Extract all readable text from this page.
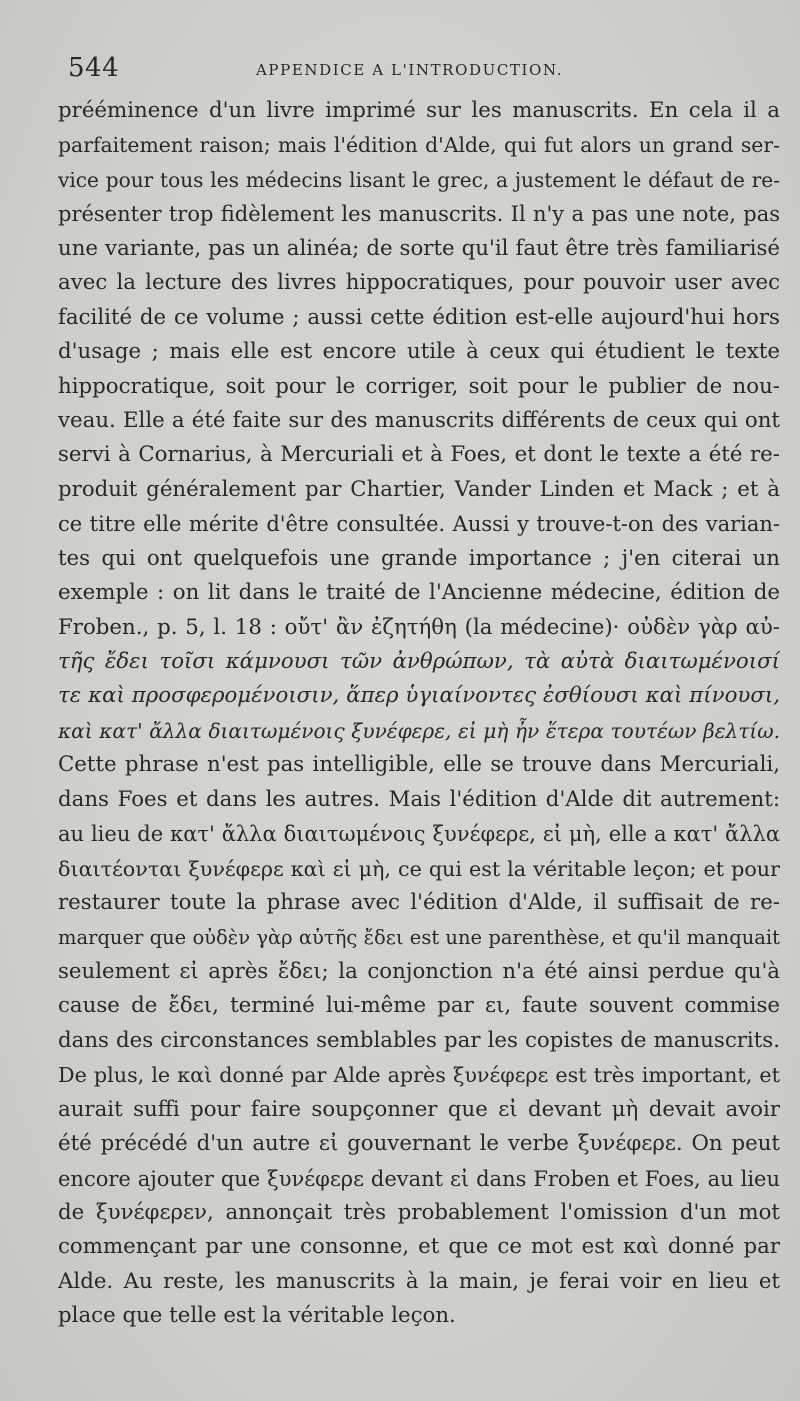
544	APPENDICE A L'INTRODUCTION.
prééminence d'un livre imprimé sur les manuscrits. En cela il a
parfaitement raison; mais l'édition d'Alde, qui fut alors un grand ser-
vice pour tous les médecins lisant le grec, a justement le défaut de re-
présenter trop fidèlement les manuscrits. Il n'y a pas une note, pas
une variante, pas un alinéa; de sorte qu'il faut être très familiarisé
avec la lecture des livres hippocratiques, pour pouvoir user avec
facilité de ce volume ; aussi cette édition est-elle aujourd'hui hors
d'usage ; mais elle est encore utile à ceux qui étudient le texte
hippocratique, soit pour le corriger, soit pour le publier de nou-
veau. Elle a été faite sur des manuscrits différents de ceux qui ont
servi à Cornarius, à Mercuriali et à Foes, et dont le texte a été re-
produit généralement par Chartier, Vander Linden et Mack ; et à
ce titre elle mérite d'être consultée. Aussi y trouve-t-on des varian-
tes qui ont quelquefois une grande importance ; j'en citerai un
exemple : on lit dans le traité de l'Ancienne médecine, édition de
Froben., p. 5, l. 18 : οὔτ' ἂν ἐζητήθη (la médecine)· οὐδὲν γὰρ αὐ-
τῆς ἔδει τοῖσι κάμνουσι τῶν ἀνθρώπων, τὰ αὐτὰ διαιτωμένοισί
τε καὶ προσφερομένοισιν, ἅπερ ὑγιαίνοντες ἐσθίουσι καὶ πίνουσι,
καὶ κατ' ἄλλα διαιτωμένοις ξυνέφερε, εἰ μὴ ἦν ἕτερα τουτέων βελτίω.
Cette phrase n'est pas intelligible, elle se trouve dans Mercuriali,
dans Foes et dans les autres. Mais l'édition d'Alde dit autrement:
au lieu de κατ' ἄλλα διαιτωμένοις ξυνέφερε, εἰ μὴ, elle a κατ' ἄλλα
διαιτέονται ξυνέφερε καὶ εἰ μὴ, ce qui est la véritable leçon; et pour
restaurer toute la phrase avec l'édition d'Alde, il suffisait de re-
marquer que οὐδὲν γὰρ αὐτῆς ἔδει est une parenthèse, et qu'il manquait
seulement εἰ après ἔδει; la conjonction n'a été ainsi perdue qu'à
cause de ἔδει, terminé lui-même par ει, faute souvent commise
dans des circonstances semblables par les copistes de manuscrits.
De plus, le καὶ donné par Alde après ξυνέφερε est très important, et
aurait suffi pour faire soupçonner que εἰ devant μὴ devait avoir
été précédé d'un autre εἰ gouvernant le verbe ξυνέφερε. On peut
encore ajouter que ξυνέφερε devant εἰ dans Froben et Foes, au lieu
de ξυνέφερεν, annonçait très probablement l'omission d'un mot
commençant par une consonne, et que ce mot est καὶ donné par
Alde. Au reste, les manuscrits à la main, je ferai voir en lieu et
place que telle est la véritable leçon.
